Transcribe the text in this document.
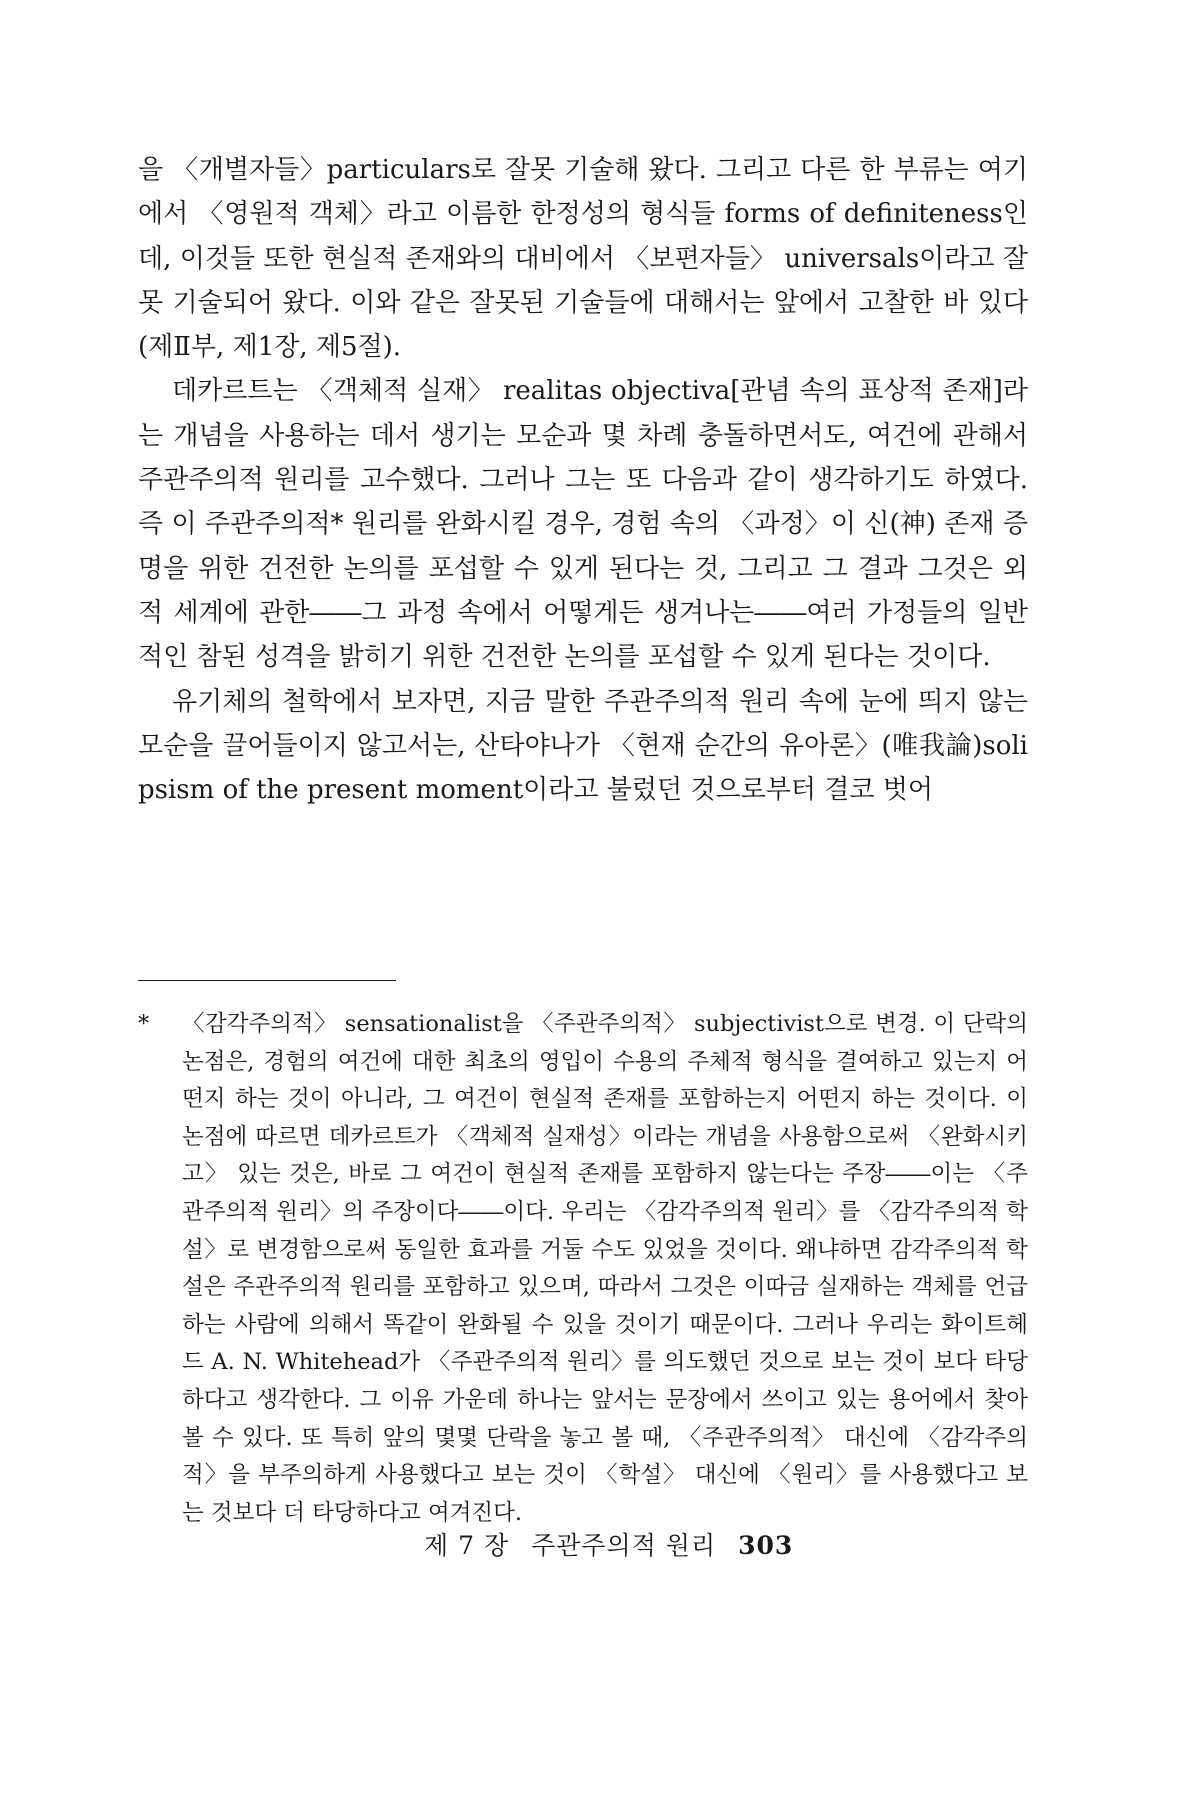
을 〈개별자들〉particulars로 잘못 기술해 왔다. 그리고 다른 한 부류는 여기에서 〈영원적 객체〉라고 이름한 한정성의 형식들 forms of definiteness인데, 이것들 또한 현실적 존재와의 대비에서 〈보편자들〉 universals이라고 잘못 기술되어 왔다. 이와 같은 잘못된 기술들에 대해서는 앞에서 고찰한 바 있다(제Ⅱ부, 제1장, 제5절).

데카르트는 〈객체적 실재〉 realitas objectiva[관념 속의 표상적 존재]라는 개념을 사용하는 데서 생기는 모순과 몇 차례 충돌하면서도, 여건에 관해서 주관주의적 원리를 고수했다. 그러나 그는 또 다음과 같이 생각하기도 하였다. 즉 이 주관주의적* 원리를 완화시킬 경우, 경험 속의 〈과정〉이 신(神) 존재 증명을 위한 건전한 논의를 포섭할 수 있게 된다는 것, 그리고 그 결과 그것은 외적 세계에 관한――그 과정 속에서 어떻게든 생겨나는――여러 가정들의 일반적인 참된 성격을 밝히기 위한 건전한 논의를 포섭할 수 있게 된다는 것이다.

유기체의 철학에서 보자면, 지금 말한 주관주의적 원리 속에 눈에 띄지 않는 모순을 끌어들이지 않고서는, 산타야나가 〈현재 순간의 유아론〉(唯我論)solipsism of the present moment이라고 불렀던 것으로부터 결코 벗어

* 〈감각주의적〉 sensationalist을 〈주관주의적〉 subjectivist으로 변경. 이 단락의 논점은, 경험의 여건에 대한 최초의 영입이 수용의 주체적 형식을 결여하고 있는지 어떤지 하는 것이 아니라, 그 여건이 현실적 존재를 포함하는지 어떤지 하는 것이다. 이 논점에 따르면 데카르트가 〈객체적 실재성〉이라는 개념을 사용함으로써 〈완화시키고〉 있는 것은, 바로 그 여건이 현실적 존재를 포함하지 않는다는 주장――이는 〈주관주의적 원리〉의 주장이다――이다. 우리는 〈감각주의적 원리〉를 〈감각주의적 학설〉로 변경함으로써 동일한 효과를 거둘 수도 있었을 것이다. 왜냐하면 감각주의적 학설은 주관주의적 원리를 포함하고 있으며, 따라서 그것은 이따금 실재하는 객체를 언급하는 사람에 의해서 똑같이 완화될 수 있을 것이기 때문이다. 그러나 우리는 화이트헤드 A. N. Whitehead가 〈주관주의적 원리〉를 의도했던 것으로 보는 것이 보다 타당하다고 생각한다. 그 이유 가운데 하나는 앞서는 문장에서 쓰이고 있는 용어에서 찾아볼 수 있다. 또 특히 앞의 몇몇 단락을 놓고 볼 때, 〈주관주의적〉 대신에 〈감각주의적〉을 부주의하게 사용했다고 보는 것이 〈학설〉 대신에 〈원리〉를 사용했다고 보는 것보다 더 타당하다고 여겨진다.

제 7 장 주관주의적 원리 303
